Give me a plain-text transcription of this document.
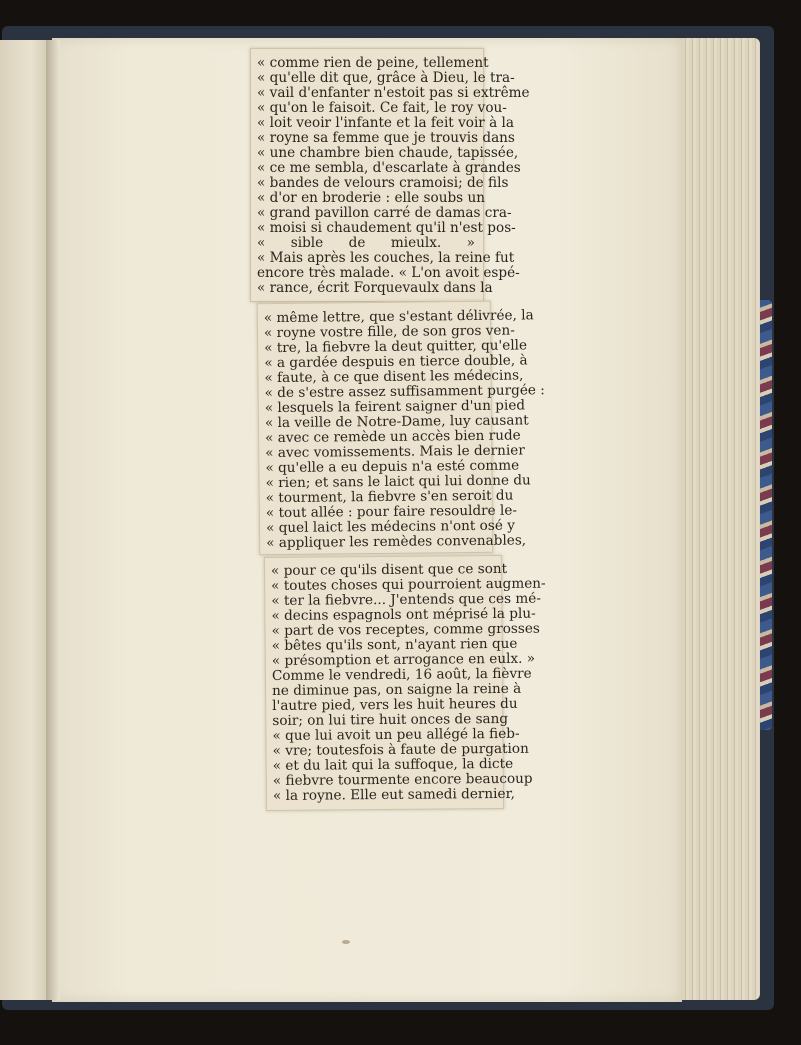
« comme rien de peine, tellement
« qu'elle dit que, grâce à Dieu, le tra-
« vail d'enfanter n'estoit pas si extrême
« qu'on le faisoit. Ce fait, le roy vou-
« loit veoir l'infante et la feit voir à la
« royne sa femme que je trouvis dans
« une chambre bien chaude, tapissée,
« ce me sembla, d'escarlate à grandes
« bandes de velours cramoisi; de fils
« d'or en broderie : elle soubs un
« grand pavillon carré de damas cra-
« moisi si chaudement qu'il n'est pos-
« sible de mieulx. »
« Mais après les couches, la reine fut
encore très malade. « L'on avoit espé-
« rance, écrit Forquevaulx dans la
« même lettre, que s'estant délivrée, la
« royne vostre fille, de son gros ven-
« tre, la fiebvre la deut quitter, qu'elle
« a gardée despuis en tierce double, à
« faute, à ce que disent les médecins,
« de s'estre assez suffisamment purgée :
« lesquels la feirent saigner d'un pied
« la veille de Notre-Dame, luy causant
« avec ce remède un accès bien rude
« avec vomissements. Mais le dernier
« qu'elle a eu depuis n'a esté comme
« rien; et sans le laict qui lui donne du
« tourment, la fiebvre s'en seroit du
« tout allée : pour faire resouldre le-
« quel laict les médecins n'ont osé y
« appliquer les remèdes convenables,
« pour ce qu'ils disent que ce sont
« toutes choses qui pourroient augmen-
« ter la fiebvre... J'entends que ces mé-
« decins espagnols ont méprisé la plu-
« part de vos receptes, comme grosses
« bêtes qu'ils sont, n'ayant rien que
« présomption et arrogance en eulx. »
Comme le vendredi, 16 août, la fièvre
ne diminue pas, on saigne la reine à
l'autre pied, vers les huit heures du
soir; on lui tire huit onces de sang
« que lui avoit un peu allégé la fieb-
« vre; toutesfois à faute de purgation
« et du lait qui la suffoque, la dicte
« fiebvre tourmente encore beaucoup
« la royne. Elle eut samedi dernier,
